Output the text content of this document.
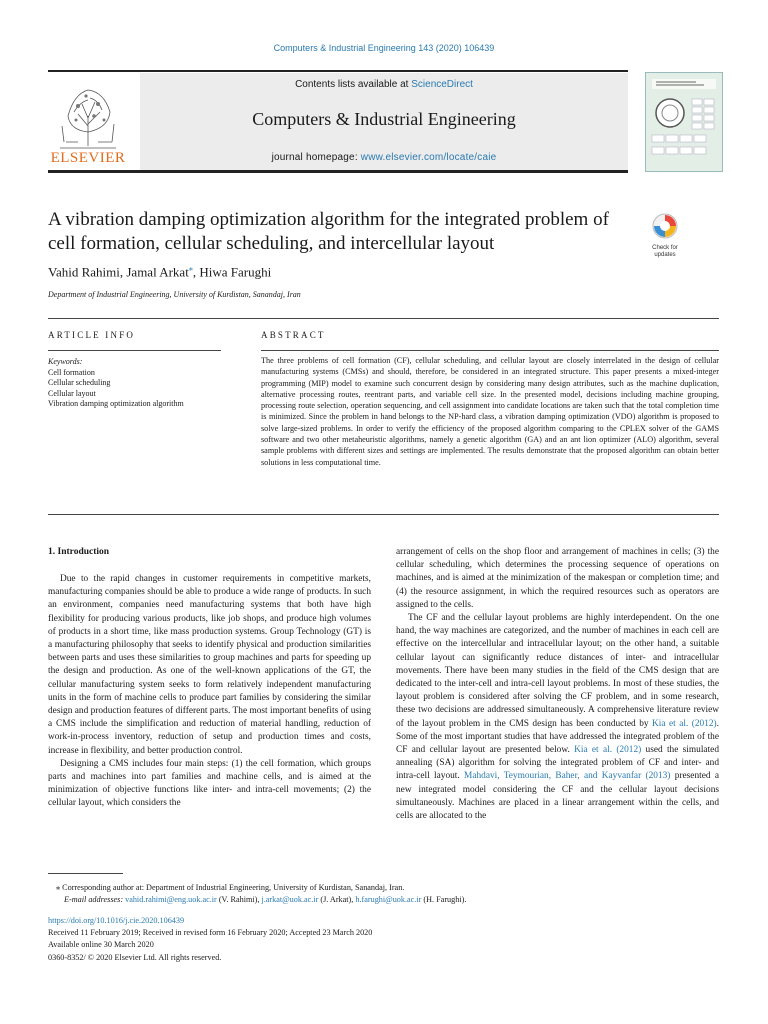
Computers & Industrial Engineering 143 (2020) 106439
ELSEVIER
Contents lists available at ScienceDirect
Computers & Industrial Engineering
journal homepage: www.elsevier.com/locate/caie
A vibration damping optimization algorithm for the integrated problem of
cell formation, cellular scheduling, and intercellular layout	Check for
updates
Vahid Rahimi, Jamal Arkat⁎, Hiwa Farughi
Department of Industrial Engineering, University of Kurdistan, Sanandaj, Iran
ARTICLE INFO	ABSTRACT
Keywords:
Cell formation
Cellular scheduling
Cellular layout
Vibration damping optimization algorithm
The three problems of cell formation (CF), cellular scheduling, and cellular layout are closely interrelated in the design of cellular manufacturing systems (CMSs) and should, therefore, be considered in an integrated structure. This paper presents a mixed-integer programming (MIP) model to examine such concurrent design by considering many design attributes, such as the machine duplication, alternative processing routes, reentrant parts, and variable cell size. In the presented model, decisions including machine grouping, processing route selection, operation sequencing, and cell assignment into candidate locations are taken such that the total completion time is minimized. Since the problem in hand belongs to the NP-hard class, a vibration damping optimization (VDO) algorithm is proposed to solve large-sized problems. In order to verify the efficiency of the proposed algorithm comparing to the CPLEX solver of the GAMS software and two other metaheuristic algorithms, namely a genetic algorithm (GA) and an ant lion optimizer (ALO) algorithm, several sample problems with different sizes and settings are implemented. The results demonstrate that the proposed algorithm can obtain better solutions in less computational time.
1. Introduction

Due to the rapid changes in customer requirements in competitive markets, manufacturing companies should be able to produce a wide range of products. In such an environment, companies need manufacturing systems that both have high flexibility for producing various products, like job shops, and produce high volumes of products in a short time, like mass production systems. Group Technology (GT) is a manufacturing philosophy that seeks to identify physical and production similarities between parts and uses these similarities to group machines and parts for speeding up the design and production. As one of the well-known applications of the GT, the cellular manufacturing system seeks to form relatively independent manufacturing units in the form of machine cells to produce part families by considering the similar design and production features of different parts. The most important benefits of using a CMS include the simplification and reduction of material handling, reduction of work-in-process inventory, reduction of setup and production times and costs, increase in flexibility, and better production control.

Designing a CMS includes four main steps: (1) the cell formation, which groups parts and machines into part families and machine cells, and is aimed at the minimization of objective functions like inter- and intra-cell movements; (2) the cellular layout, which considers the

arrangement of cells on the shop floor and arrangement of machines in cells; (3) the cellular scheduling, which determines the processing sequence of operations on machines, and is aimed at the minimization of the makespan or completion time; and (4) the resource assignment, in which the required resources such as operators are assigned to the cells.

The CF and the cellular layout problems are highly interdependent. On the one hand, the way machines are categorized, and the number of machines in each cell are effective on the intercellular and intracellular layout; on the other hand, a suitable cellular layout can significantly reduce distances of inter- and intracellular movements. There have been many studies in the field of the CMS design that are dedicated to the inter-cell and intra-cell layout problems. In most of these studies, the layout problem is considered after solving the CF problem, and in some research, these two decisions are addressed simultaneously. A comprehensive literature review of the layout problem in the CMS design has been conducted by Kia et al. (2012). Some of the most important studies that have addressed the integrated problem of the CF and cellular layout are presented below. Kia et al. (2012) used the simulated annealing (SA) algorithm for solving the integrated problem of CF and inter- and intra-cell layout. Mahdavi, Teymourian, Baher, and Kayvanfar (2013) presented a new integrated model considering the CF and the cellular layout decisions simultaneously. Machines are placed in a linear arrangement within the cells, and cells are allocated to the

⁎ Corresponding author at: Department of Industrial Engineering, University of Kurdistan, Sanandaj, Iran.
E-mail addresses: vahid.rahimi@eng.uok.ac.ir (V. Rahimi), j.arkat@uok.ac.ir (J. Arkat), h.farughi@uok.ac.ir (H. Farughi).
https://doi.org/10.1016/j.cie.2020.106439
Received 11 February 2019; Received in revised form 16 February 2020; Accepted 23 March 2020
Available online 30 March 2020
0360-8352/ © 2020 Elsevier Ltd. All rights reserved.
